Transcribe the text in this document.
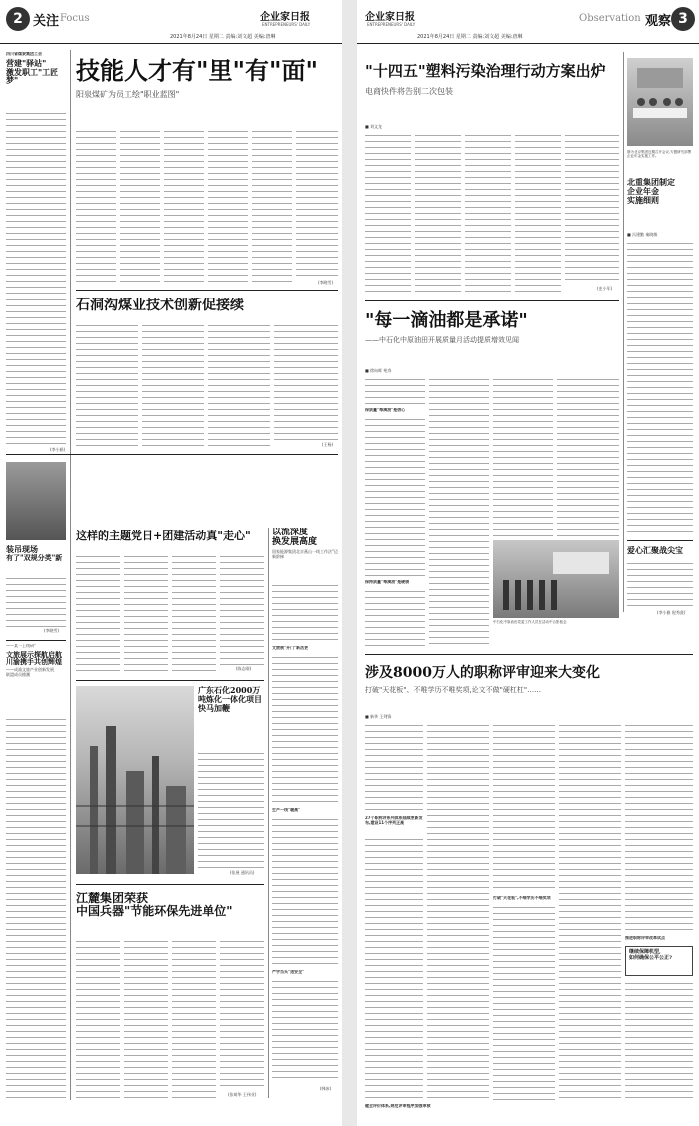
2 关注 Focus	企业家日报
ENTREPRENEURS' DAILY
2021年8月24日 星期二 责编:刘文超 美编:唐琳
四川省煤炭集团工会
营建"驿站"
激发职工"工匠梦"
(李小娟)
技能人才有"里"有"面"
阳泉煤矿为员工绘"职业蓝图"
(李晓雪)
石洞沟煤业技术创新促接续
(王杨)
装吊现场
有了"双规分类"新
(李晓雪)
这样的主题党日+团建活动真"走心"
(陈志刚)
以流深度
换发展高度
国家能源集团北京燕山一线工作法"迈新阶梯
文旅展"开门"新活更
生产一线"暖高"
严字当头"送安全"
(韩冰)
——某一上线研"
文旅展示探航启航
川渝携手共创辉煌
——成渝文旅产业创新发展
联盟成员掀潮
广东石化2000万吨炼化一体化项目快马加鞭
(张展 通讯员)
江麓集团荣获
中国兵器"节能环保先进单位"
(张萌华 王伟业)
企业家日报
ENTREPRENEURS' DAILY
2021年8月24日 星期二 责编:刘文超 美编:唐琳
Observation 观察 3
"十四五"塑料污染治理行动方案出炉
电商快件将告别二次包装
■ 刘文龙
(史小军)
图为北京集团近期召开会议,专题研究部署企业年金实施工作。
北重集团制定
企业年金
实施细则
■ 冯建勤 秦晓敏
"每一滴油都是承诺"
——中石化中原油田开展质量月活动提质增效见闻
■ 徐向晖 苑寿
保质量"每滴油"是信心
中石化中原油田党委工作人员在活动中合影留念
保持质量"每滴油"是硬核
爱心汇聚战尖宝
(李小雅 倪秀贤)
涉及8000万人的职称评审迎来大变化
打破"天花板"、不唯学历不唯奖项,论文不做"硬杠杠"……
■ 新华 王剑锋
27个职称评系列体系陆续更新发布,建设11个序列正高
打破"天花板",不唯学历不唯奖项
推进职称评审改革试点
继续保障机型,
如何确保公平公正?
健全评价体系,规范评审程序加强审核
